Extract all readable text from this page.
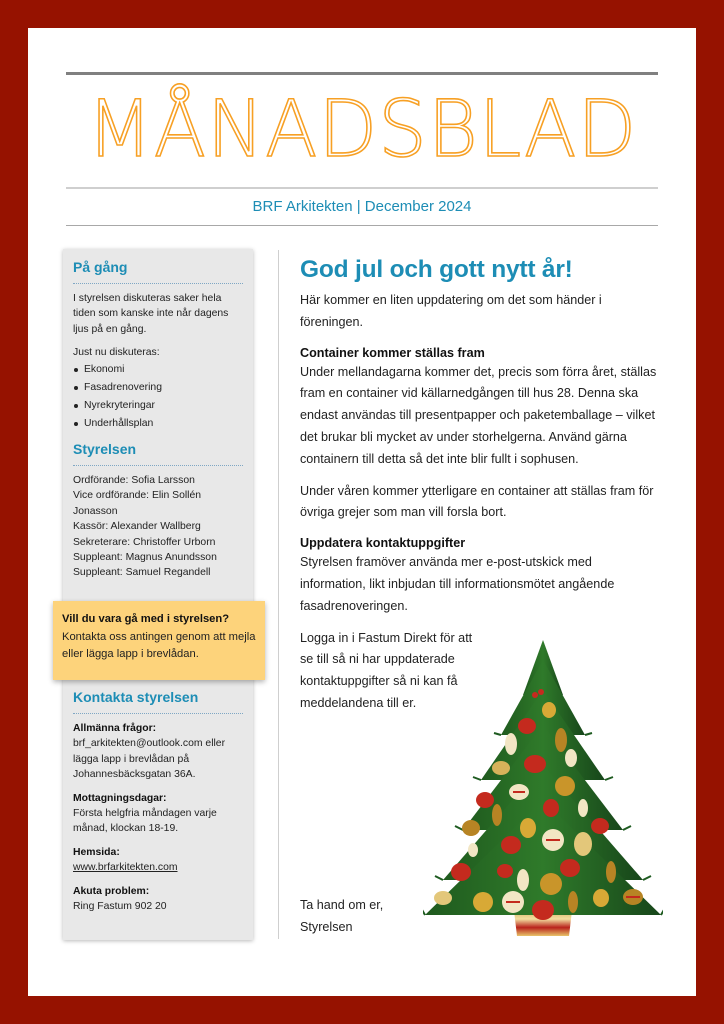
MÅNADSBLAD
BRF Arkitekten | December 2024
På gång
I styrelsen diskuteras saker hela tiden som kanske inte når dagens ljus på en gång.
Just nu diskuteras:
Ekonomi
Fasadrenovering
Nyrekryteringar
Underhållsplan
Styrelsen
Ordförande: Sofia Larsson
Vice ordförande: Elin Sollén Jonasson
Kassör: Alexander Wallberg
Sekreterare: Christoffer Urborn
Suppleant: Magnus Anundsson
Suppleant: Samuel Regandell
Kontakta styrelsen
Allmänna frågor:
brf_arkitekten@outlook.com eller lägga lapp i brevlådan på Johannesbäcksgatan 36A.
Mottagningsdagar:
Första helgfria måndagen varje månad, klockan 18-19.
Hemsida:
www.brfarkitekten.com
Akuta problem:
Ring Fastum 902 20
Vill du vara gå med i styrelsen?
Kontakta oss antingen genom att mejla eller lägga lapp i brevlådan.
God jul och gott nytt år!
Här kommer en liten uppdatering om det som händer i föreningen.
Container kommer ställas fram
Under mellandagarna kommer det, precis som förra året, ställas fram en container vid källarnedgången till hus 28. Denna ska endast användas till presentpapper och paketemballage – vilket det brukar bli mycket av under storhelgerna. Använd gärna containern till detta så det inte blir fullt i sophusen.
Under våren kommer ytterligare en container att ställas fram för övriga grejer som man vill forsla bort.
Uppdatera kontaktuppgifter
Styrelsen framöver använda mer e-post-utskick med information, likt inbjudan till informationsmötet angående fasadrenoveringen.
Logga in i Fastum Direkt för att se till så ni har uppdaterade kontaktuppgifter så ni kan få meddelandena till er.
Ta hand om er,
Styrelsen
